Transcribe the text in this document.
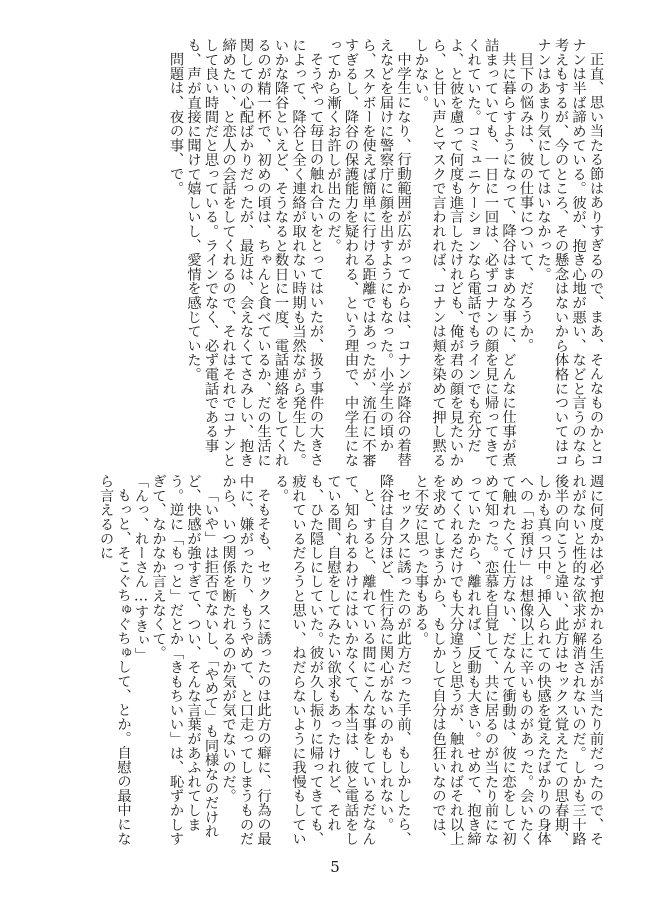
正直、思い当たる節はありすぎるので、まあ、そんなものかとコナンは半ば諦めている。彼が、抱き心地が悪い、などと言うのなら考えもするが、今のところ、その懸念はないから体格についてはコナンはあまり気にしてはいなかった。

目下の悩みは、彼の仕事について、だろうか。

共に暮らすようになって、降谷はまめな事に、どんなに仕事が煮詰まっていても、一日に一回は、必ずコナンの顔を見に帰ってきてくれていた。コミュニケーションなら電話でもラインでも充分だよ、と彼を慮って何度も進言したけれども、俺が君の顔を見たいから、と甘い声とマスクで言われれば、コナンは頬を染めて押し黙るしかない。

中学生になり、行動範囲が広がってからは、コナンが降谷の着替えなどを届けに警察庁に顔を出すようにもなった。小学生の頃から、スケボーを使えば簡単に行ける距離ではあったが、流石に不審すぎるし、降谷の保護能力を疑われる、という理由で、中学生になってから漸くお許しが出たのだ。

そうやって毎日の触れ合いをとってはいたが、扱う事件の大きさによって、降谷と全く連絡が取れない時期も当然ながら発生した。いかな降谷といえど、そうなると数日に一度、電話連絡をしてくれるのが精一杯で、初めの頃は、ちゃんと食べているか、だの生活に関しての心配ばかりだったが、最近は、会えなくてさみしい、抱き締めたい、と恋人の会話をしてくれるので、それはそれでコナンとして良い時間だと思っている。ラインでなく、必ず電話である事も、声が直接に聞けて嬉しいし、愛情を感じていた。

問題は、夜の事、で。

週に何度かは必ず抱かれる生活が当たり前だったので、それがないと性的な欲求が解消されないのだ。しかも三十路後半の向こうと違い、此方はセックス覚えたての思春期、しかも真っ只中。挿入られての快感を覚えたばかりの身体への「お預け」は想像以上に辛いものがあった。会いたくて触れたくて仕方ない、だなんて衝動は、彼に恋をして初めて知った。恋慕を自覚して、共に居るのが当たり前になっていたから、離れれば、反動も大きい。せめて、抱き締めてくれるだけでも大分違うと思うが、触れればそれ以上を求めてしまうから、もしかして自分は色狂いなのでは、と不安に思った事もある。

セックスに誘ったのが此方だった手前、もしかしたら、降谷は自分ほど、性行為に関心がないのかもしれない。

と、すると、離れている間にこんな事をしているだなんて、知られるわけにはいかなくて、本当は、彼と電話をしている間、自慰をしてみたい欲求もあったけれど、それも、ひた隠しにしていた。彼が久し振りに帰ってきても、疲れているだろうと思い、ねだらないように我慢もしている。

そもそも、セックスに誘ったのは此方の癖に、行為の最中に、嫌がったり、もうやめて、と口走ってしまうものだから、いつ関係を断たれるのか気が気でないのだ。

「いや」は拒否でないし、「やめて」も同様なのだけれど、快感が強すぎて、つい、そんな言葉があふれてしまう。逆に「もっと」だとか「きもちいい」は、恥ずかしすぎて、なかなか言えなくて。

「んっ、れーさん…すきぃ」

もっと、そこぐちゅぐちゅして、とか。自慰の最中になら言えるのに

5
